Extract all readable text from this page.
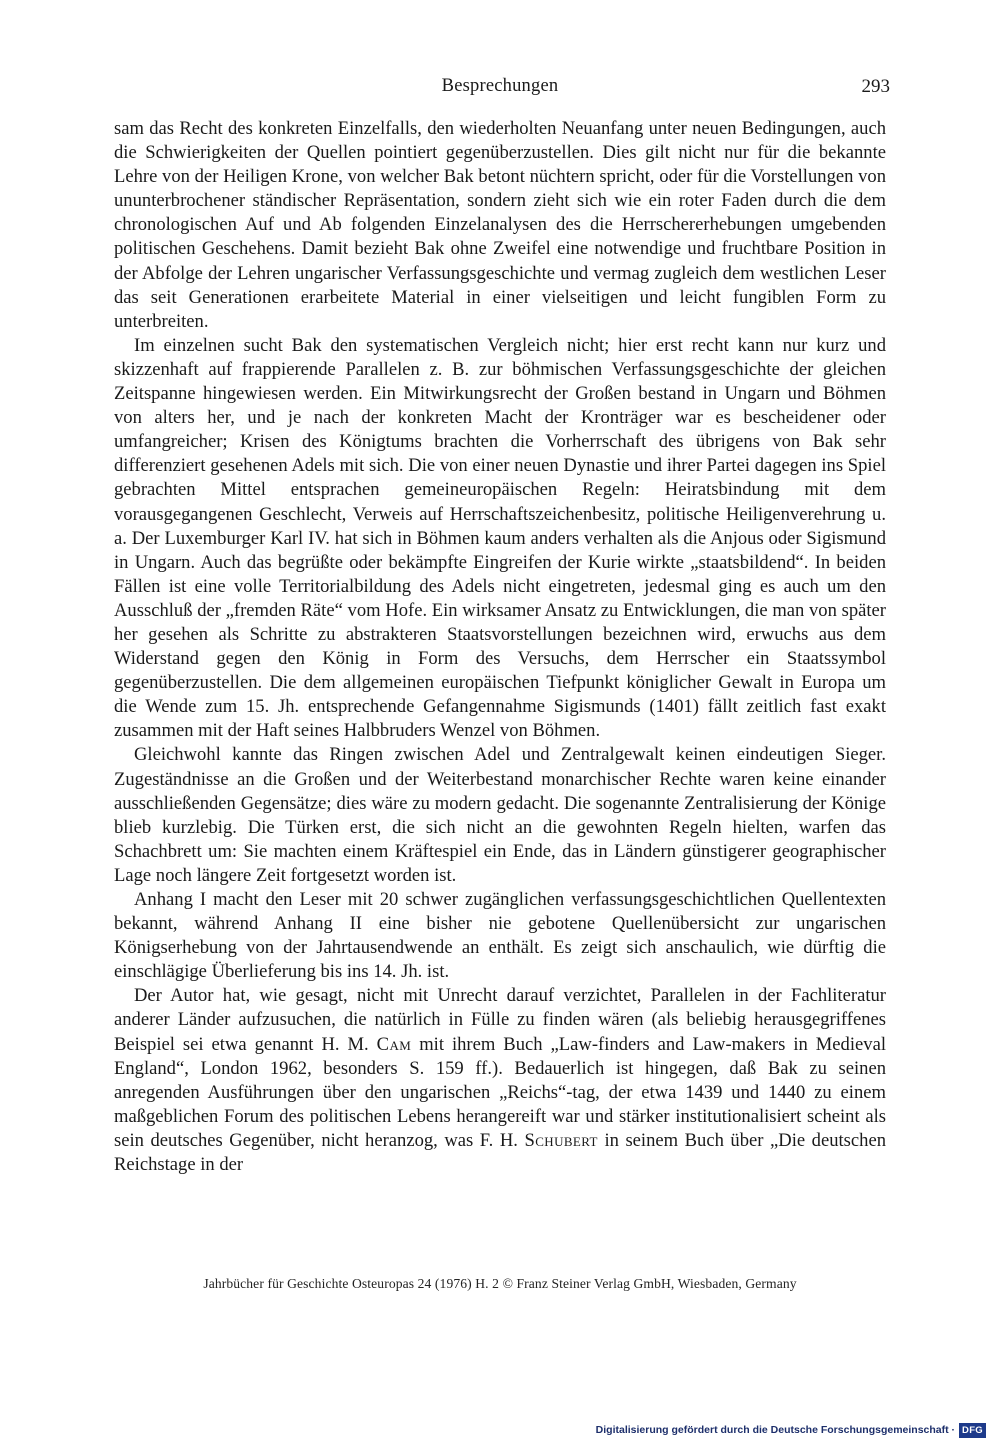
Besprechungen	293

sam das Recht des konkreten Einzelfalls, den wiederholten Neuanfang unter neuen Bedingungen, auch die Schwierigkeiten der Quellen pointiert gegenüberzustellen. Dies gilt nicht nur für die bekannte Lehre von der Heiligen Krone, von welcher Bak betont nüchtern spricht, oder für die Vorstellungen von ununterbrochener ständischer Repräsentation, sondern zieht sich wie ein roter Faden durch die dem chronologischen Auf und Ab folgenden Einzelanalysen des die Herrschererhebungen umgebenden politischen Geschehens. Damit bezieht Bak ohne Zweifel eine notwendige und fruchtbare Position in der Abfolge der Lehren ungarischer Verfassungsgeschichte und vermag zugleich dem westlichen Leser das seit Generationen erarbeitete Material in einer vielseitigen und leicht fungiblen Form zu unterbreiten.

Im einzelnen sucht Bak den systematischen Vergleich nicht; hier erst recht kann nur kurz und skizzenhaft auf frappierende Parallelen z. B. zur böhmischen Verfassungsgeschichte der gleichen Zeitspanne hingewiesen werden. Ein Mitwirkungsrecht der Großen bestand in Ungarn und Böhmen von alters her, und je nach der konkreten Macht der Kronträger war es bescheidener oder umfangreicher; Krisen des Königtums brachten die Vorherrschaft des übrigens von Bak sehr differenziert gesehenen Adels mit sich. Die von einer neuen Dynastie und ihrer Partei dagegen ins Spiel gebrachten Mittel entsprachen gemeineuropäischen Regeln: Heiratsbindung mit dem vorausgegangenen Geschlecht, Verweis auf Herrschaftszeichenbesitz, politische Heiligenverehrung u. a. Der Luxemburger Karl IV. hat sich in Böhmen kaum anders verhalten als die Anjous oder Sigismund in Ungarn. Auch das begrüßte oder bekämpfte Eingreifen der Kurie wirkte „staatsbildend“. In beiden Fällen ist eine volle Territorialbildung des Adels nicht eingetreten, jedesmal ging es auch um den Ausschluß der „fremden Räte“ vom Hofe. Ein wirksamer Ansatz zu Entwicklungen, die man von später her gesehen als Schritte zu abstrakteren Staatsvorstellungen bezeichnen wird, erwuchs aus dem Widerstand gegen den König in Form des Versuchs, dem Herrscher ein Staatssymbol gegenüberzustellen. Die dem allgemeinen europäischen Tiefpunkt königlicher Gewalt in Europa um die Wende zum 15. Jh. entsprechende Gefangennahme Sigismunds (1401) fällt zeitlich fast exakt zusammen mit der Haft seines Halbbruders Wenzel von Böhmen.

Gleichwohl kannte das Ringen zwischen Adel und Zentralgewalt keinen eindeutigen Sieger. Zugeständnisse an die Großen und der Weiterbestand monarchischer Rechte waren keine einander ausschließenden Gegensätze; dies wäre zu modern gedacht. Die sogenannte Zentralisierung der Könige blieb kurzlebig. Die Türken erst, die sich nicht an die gewohnten Regeln hielten, warfen das Schachbrett um: Sie machten einem Kräftespiel ein Ende, das in Ländern günstigerer geographischer Lage noch längere Zeit fortgesetzt worden ist.

Anhang I macht den Leser mit 20 schwer zugänglichen verfassungsgeschichtlichen Quellentexten bekannt, während Anhang II eine bisher nie gebotene Quellenübersicht zur ungarischen Königserhebung von der Jahrtausendwende an enthält. Es zeigt sich anschaulich, wie dürftig die einschlägige Überlieferung bis ins 14. Jh. ist.

Der Autor hat, wie gesagt, nicht mit Unrecht darauf verzichtet, Parallelen in der Fachliteratur anderer Länder aufzusuchen, die natürlich in Fülle zu finden wären (als beliebig herausgegriffenes Beispiel sei etwa genannt H. M. Cam mit ihrem Buch „Law-finders and Law-makers in Medieval England“, London 1962, besonders S. 159 ff.). Bedauerlich ist hingegen, daß Bak zu seinen anregenden Ausführungen über den ungarischen „Reichs“-tag, der etwa 1439 und 1440 zu einem maßgeblichen Forum des politischen Lebens herangereift war und stärker institutionalisiert scheint als sein deutsches Gegenüber, nicht heranzog, was F. H. Schubert in seinem Buch über „Die deutschen Reichstage in der

Jahrbücher für Geschichte Osteuropas 24 (1976) H. 2 © Franz Steiner Verlag GmbH, Wiesbaden, Germany
Digitalisierung gefördert durch die Deutsche Forschungsgemeinschaft · DFG
